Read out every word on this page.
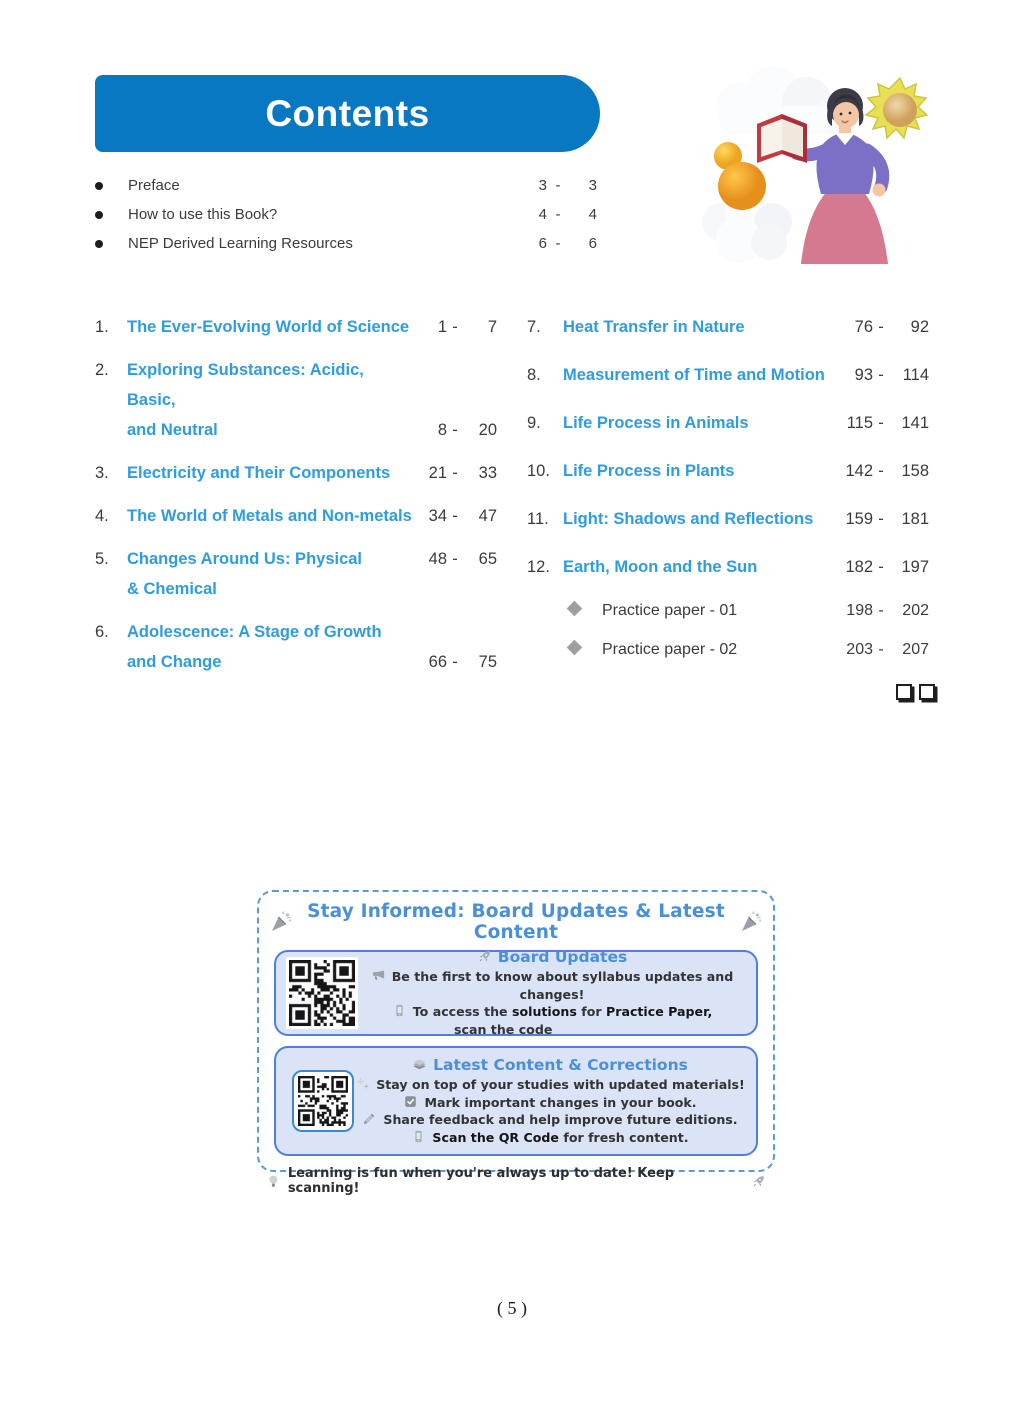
Contents
Preface	3 -	3
How to use this Book?	4 -	4
NEP Derived Learning Resources	6 -	6
1.	The Ever-Evolving World of Science	1 -	7
2.	Exploring Substances: Acidic, Basic,
and Neutral	8 -	20
3.	Electricity and Their Components	21 -	33
4.	The World of Metals and Non-metals	34 -	47
5.	Changes Around Us: Physical	48 -	65
& Chemical
6.	Adolescence: A Stage of Growth
and Change	66 -	75
7.	Heat Transfer in Nature	76 -	92
8.	Measurement of Time and Motion	93 -	114
9.	Life Process in Animals	115 -	141
10. Life Process in Plants	142 -	158
11. Light: Shadows and Reflections	159 -	181
12. Earth, Moon and the Sun	182 -	197
Practice paper - 01	198 -	202
Practice paper - 02	203 -	207
Stay Informed: Board Updates & Latest Content
Board Updates
Be the first to know about syllabus updates and changes!
To access the solutions for Practice Paper,
scan the code
Latest Content & Corrections
Stay on top of your studies with updated materials!
Mark important changes in your book.
Share feedback and help improve future editions.
Scan the QR Code for fresh content.
Learning is fun when you're always up to date! Keep scanning!
( 5 )
